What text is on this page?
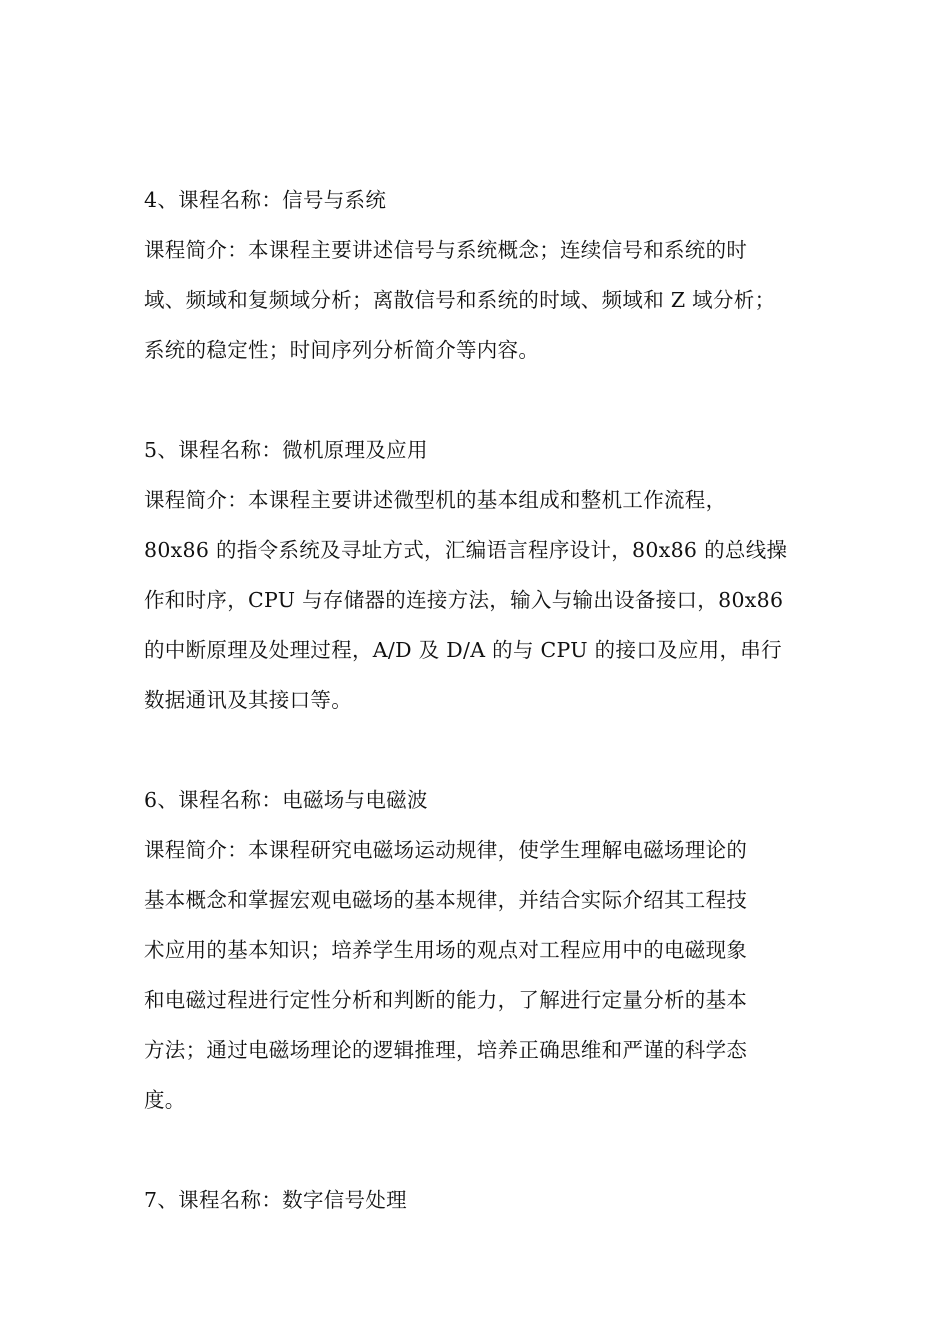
4、课程名称：信号与系统
课程简介：本课程主要讲述信号与系统概念；连续信号和系统的时
域、频域和复频域分析；离散信号和系统的时域、频域和 Z 域分析；
系统的稳定性；时间序列分析简介等内容。
5、课程名称：微机原理及应用
课程简介：本课程主要讲述微型机的基本组成和整机工作流程，
80x86 的指令系统及寻址方式，汇编语言程序设计，80x86 的总线操
作和时序，CPU 与存储器的连接方法，输入与输出设备接口，80x86
的中断原理及处理过程，A/D 及 D/A 的与 CPU 的接口及应用，串行
数据通讯及其接口等。
6、课程名称：电磁场与电磁波
课程简介：本课程研究电磁场运动规律，使学生理解电磁场理论的
基本概念和掌握宏观电磁场的基本规律，并结合实际介绍其工程技
术应用的基本知识；培养学生用场的观点对工程应用中的电磁现象
和电磁过程进行定性分析和判断的能力，了解进行定量分析的基本
方法；通过电磁场理论的逻辑推理，培养正确思维和严谨的科学态
度。
7、课程名称：数字信号处理
